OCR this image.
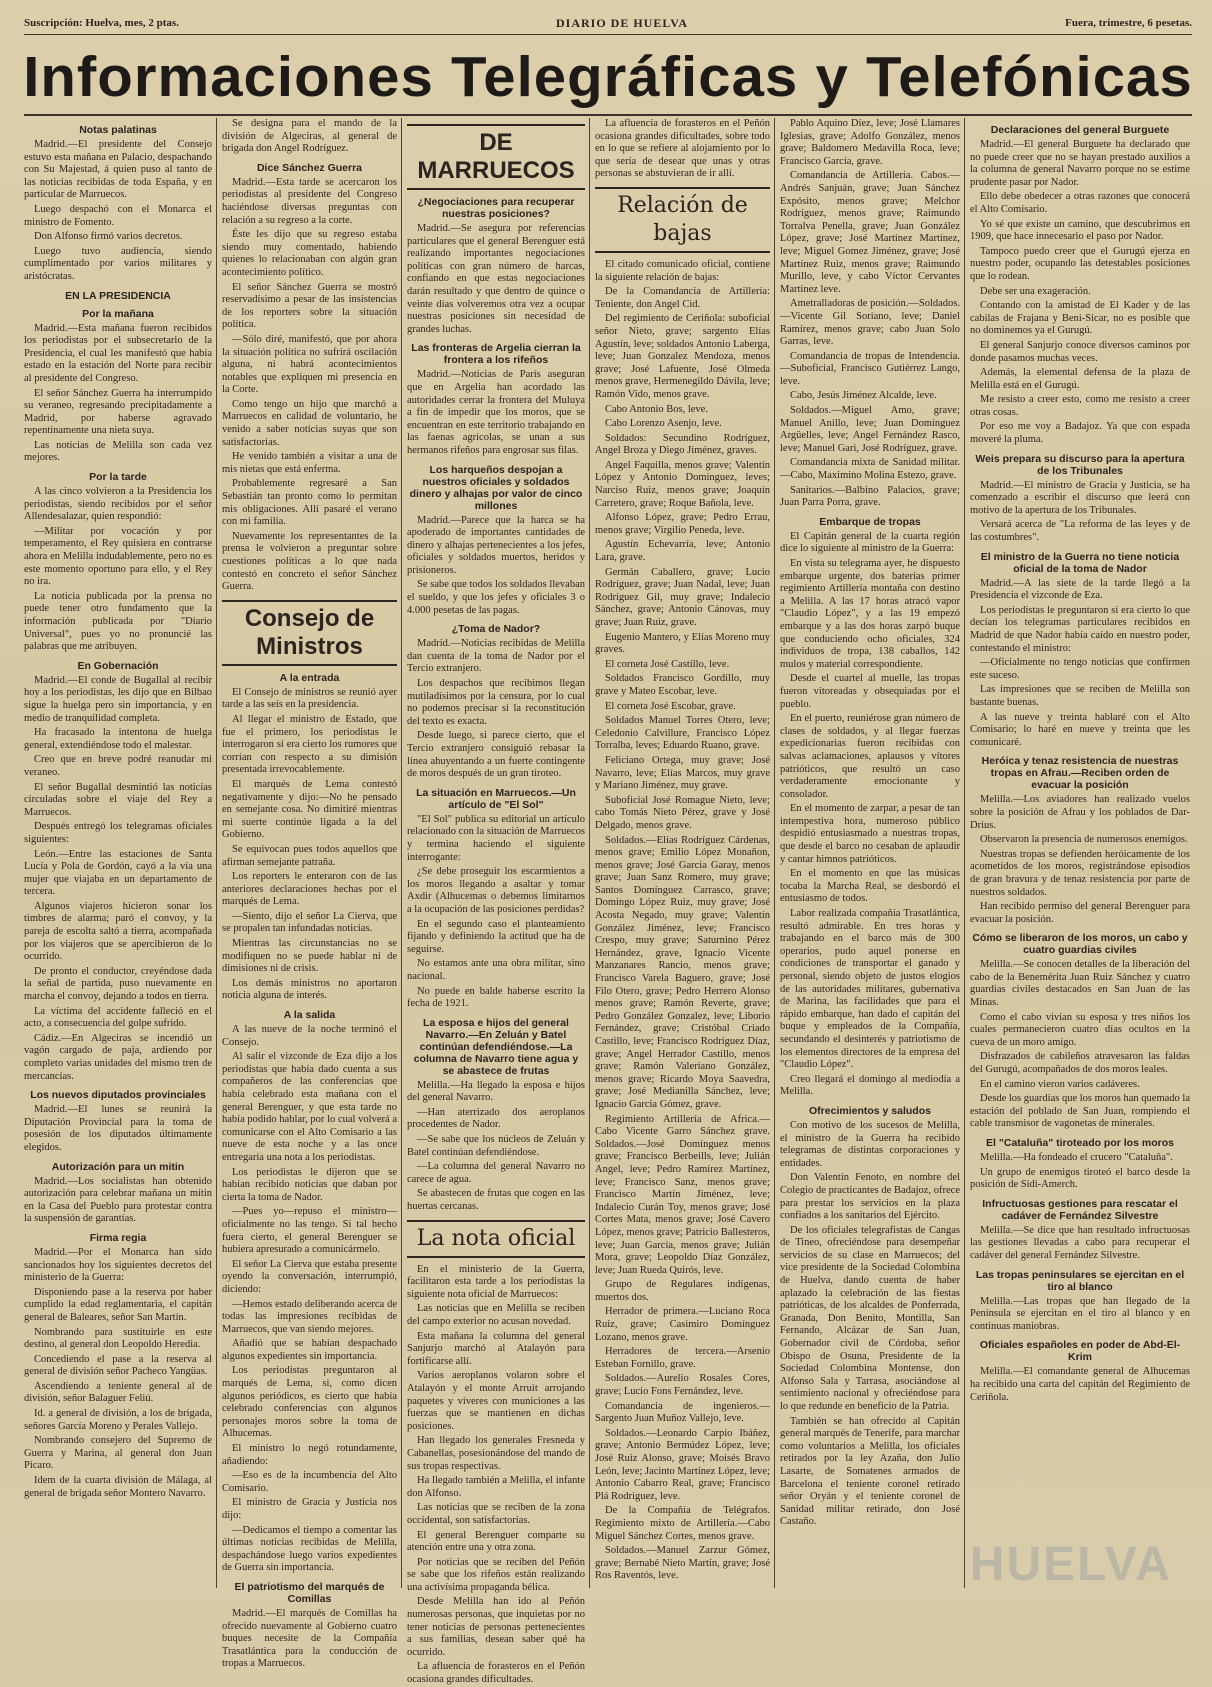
Suscripción: Huelva, mes, 2 ptas.	DIARIO DE HUELVA	Fuera, trimestre, 6 pesetas.
Informaciones Telegráficas y Telefónicas
Notas palatinas

Madrid.—El presidente del Consejo estuvo esta mañana en Palacio, despachando con Su Majestad, á quien puso al tanto de las noticias recibidas de toda España, y en particular de Marruecos.

Luego despachó con el Monarca el ministro de Fomento.

Don Alfonso firmó varios decretos.

Luego tuvo audiencia, siendo cumplimentado por varios militares y aristócratas.

EN LA PRESIDENCIA
Por la mañana

Madrid.—Esta mañana fueron recibidos los periodistas por el subsecretario de la Presidencia, el cual les manifestó que había estado en la estación del Norte para recibir al presidente del Congreso.

El señor Sánchez Guerra ha interrumpido su veraneo, regresando precipitadamente a Madrid, por haberse agravado repentinamente una nieta suya.

Las noticias de Melilla son cada vez mejores.

Por la tarde

A las cinco volvieron a la Presidencia los periodistas, siendo recibidos por el señor Allendesalazar, quien respondió:

—Militar por vocación y por temperamento, el Rey quisiera en contrarse ahora en Melilla indudablemente, pero no es este momento oportuno para ello, y el Rey no ira.

La noticia publicada por la prensa no puede tener otro fundamento que la información publicada por "Diario Universal", pues yo no pronuncié las palabras que me atribuyen.

En Gobernación

Madrid.—El conde de Bugallal al recibir hoy a los periodistas, les dijo que en Bilbao sigue la huelga pero sin importancia, y en medio de tranquilidad completa.

Ha fracasado la intentona de huelga general, extendiéndose todo el malestar.

Creo que en breve podré reanudar mi veraneo.

El señor Bugallal desmintió las noticias circuladas sobre el viaje del Rey a Marruecos.

Después entregó los telegramas oficiales siguientes:

León.—Entre las estaciones de Santa Lucía y Pola de Gordón, cayó a la vía una mujer que viajaba en un departamento de tercera.

Algunos viajeros hicieron sonar los timbres de alarma; paró el convoy, y la pareja de escolta saltó a tierra, acompañada por los viajeros que se apercibieron de lo ocurrido.

De pronto el conductor, creyéndose dada la señal de partida, puso nuevamente en marcha el convoy, dejando a todos en tierra.

La víctima del accidente falleció en el acto, a consecuencia del golpe sufrido.

Cádiz.—En Algeciras se incendió un vagón cargado de paja, ardiendo por completo varias unidades del mismo tren de mercancías.

Los nuevos diputados provinciales

Madrid.—El lunes se reunirá la Diputación Provincial para la toma de posesión de los diputados últimamente elegidos.

Autorización para un mitin

Madrid.—Los socialistas han obtenido autorización para celebrar mañana un mitin en la Casa del Pueblo para protestar contra la suspensión de garantías.

Firma regia

Madrid.—Por el Monarca han sido sancionados hoy los siguientes decretos del ministerio de la Guerra:

Disponiendo pase a la reserva por haber cumplido la edad reglamentaria, el capitán general de Baleares, señor San Martín.

Nombrando para sustituirle en este destino, al general don Leopoldo Heredia.

Concediendo el pase a la reserva al general de división señor Pacheco Yangüas.

Ascendiendo a teniente general al de división, señor Balaguer Feliú.

Id. a general de división, a los de brigada, señores García Moreno y Perales Vallejo.

Nombrando consejero del Supremo de Guerra y Marina, al general don Juan Picaro.

Idem de la cuarta división de Málaga, al general de brigada señor Montero Navarro.

Se designa para el mando de la división de Algeciras, al general de brigada don Angel Rodríguez.

Dice Sánchez Guerra

Madrid.—Esta tarde se acercaron los periodistas al presidente del Congreso haciéndose diversas preguntas con relación a su regreso a la corte.

Éste les dijo que su regreso estaba siendo muy comentado, habiendo quienes lo relacionaban con algún gran acontecimiento político.

El señor Sánchez Guerra se mostró reservadísimo a pesar de las insistencias de los reporters sobre la situación política.

—Sólo diré, manifestó, que por ahora la situación política no sufrirá oscilación alguna, ni habrá acontecimientos notables que expliquen mi presencia en la Corte.

Como tengo un hijo que marchó a Marruecos en calidad de voluntario, he venido a saber noticias suyas que son satisfactorias.

He venido también a visitar a una de mis nietas que está enferma.

Probablemente regresaré a San Sebastián tan pronto como lo permitan mis obligaciones. Allí pasaré el verano con mi familia.

Nuevamente los representantes de la prensa le volvieron a preguntar sobre cuestiones políticas a lo que nada contestó en concreto el señor Sánchez Guerra.

Consejo de Ministros
A la entrada

El Consejo de ministros se reunió ayer tarde a las seis en la presidencia.

Al llegar el ministro de Estado, que fue el primero, los periodistas le interrogaron si era cierto los rumores que corrían con respecto a su dimisión presentada irrevocablemente.

El marqués de Lema contestó negativamente y dijo:—No he pensado en semejante cosa. No dimitiré mientras mi suerte continúe ligada a la del Gobierno.

Se equivocan pues todos aquellos que afirman semejante patraña.

Los reporters le enteraron con de las anteriores declaraciones hechas por el marqués de Lema.

—Siento, dijo el señor La Cierva, que se propalen tan infundadas noticias.

Mientras las circunstancias no se modifiquen no se puede hablar ni de dimisiones ni de crisis.

Los demás ministros no aportaron noticia alguna de interés.

A la salida

A las nueve de la noche terminó el Consejo.

Al salir el vizconde de Eza dijo a los periodistas que había dado cuenta a sus compañeros de las conferencias que había celebrado esta mañana con el general Berenguer, y que esta tarde no había podido hablar, por lo cual volverá a comunicarse con el Alto Comisario a las nueve de esta noche y a las once entregaría una nota a los periodistas.

Los periodistas le dijeron que se habían recibido noticias que daban por cierta la toma de Nador.

—Pues yo—repuso el ministro—oficialmente no las tengo. Si tal hecho fuera cierto, el general Berenguer se hubiera apresurado a comunicármelo.

El señor La Cierva que estaba presente oyendo la conversación, interrumpió, diciendo:

—Hemos estado deliberando acerca de todas las impresiones recibidas de Marruecos, que van siendo mejores.

Añadió que se habían despachado algunos expedientes sin importancia.

Los periodistas preguntaron al marqués de Lema, si, como dicen algunos periódicos, es cierto que había celebrado conferencias con algunos personajes moros sobre la toma de Alhucemas.

El ministro lo negó rotundamente, añadiendo:

—Eso es de la incumbencia del Alto Comisario.

El ministro de Gracia y Justicia nos dijo:

—Dedicamos el tiempo a comentar las últimas noticias recibidas de Melilla, despachándose luego varios expedientes de Guerra sin importancia.

El patriotismo del marqués de Comillas

Madrid.—El marqués de Comillas ha ofrecido nuevamente al Gobierno cuatro buques necesite de la Compañía Trasatlántica para la conducción de tropas a Marruecos.

DE MARRUECOS
¿Negociaciones para recuperar nuestras posiciones?

Madrid.—Se asegura por referencias particulares que el general Berenguer está realizando importantes negociaciones políticas con gran número de harcas, confiando en que estas negociaciones darán resultado y que dentro de quince o veinte días volveremos otra vez a ocupar nuestras posiciones sin necesidad de grandes luchas.

Las fronteras de Argelia cierran la frontera a los rifeños

Madrid.—Noticias de París aseguran que en Argelia han acordado las autoridades cerrar la frontera del Muluya a fin de impedir que los moros, que se encuentran en este territorio trabajando en las faenas agrícolas, se unan a sus hermanos rifeños para engrosar sus filas.

Los harqueños despojan a nuestros oficiales y soldados dinero y alhajas por valor de cinco millones

Madrid.—Parece que la harca se ha apoderado de importantes cantidades de dinero y alhajas pertenecientes a los jefes, oficiales y soldados muertos, heridos y prisioneros.

Se sabe que todos los soldados llevaban el sueldo, y que los jefes y oficiales 3 o 4.000 pesetas de las pagas.

¿Toma de Nador?

Madrid.—Noticias recibidas de Melilla dan cuenta de la toma de Nador por el Tercio extranjero.

Los despachos que recibimos llegan mutiladísimos por la censura, por lo cual no podemos precisar si la reconstitución del texto es exacta.

Desde luego, si parece cierto, que el Tercio extranjero consiguió rebasar la línea ahuyentando a un fuerte contingente de moros después de un gran tiroteo.

La situación en Marruecos.—Un artículo de "El Sol"

"El Sol" publica su editorial un artículo relacionado con la situación de Marruecos y termina haciendo el siguiente interrogante:

¿Se debe proseguir los escarmientos a los moros llegando a asaltar y tomar Axdir (Alhucemas o debemos limitarnos a la ocupación de las posiciones perdidas?

En el segundo caso el planteamiento fijando y definiendo la actitud que ha de seguirse.

No estamos ante una obra militar, sino nacional.

No puede en balde haberse escrito la fecha de 1921.

La esposa e hijos del general Navarro.—En Zeluán y Batel continúan defendiéndose.—La columna de Navarro tiene agua y se abastece de frutas

Melilla.—Ha llegado la esposa e hijos del general Navarro.

—Han aterrizado dos aeroplanos procedentes de Nador.

—Se sabe que los núcleos de Zeluán y Batel continúan defendiéndose.

—La columna del general Navarro no carece de agua.

Se abastecen de frutas que cogen en las huertas cercanas.

La nota oficial

En el ministerio de la Guerra, facilitaron esta tarde a los periodistas la siguiente nota oficial de Marruecos:

Las noticias que en Melilla se reciben del campo exterior no acusan novedad.

Esta mañana la columna del general Sanjurjo marchó al Atalayón para fortificarse allí.

Varios aeroplanos volaron sobre el Atalayón y el monte Arruit arrojando paquetes y víveres con municiones a las fuerzas que se mantienen en dichas posiciones.

Han llegado los generales Fresneda y Cabanellas, posesionándose del mando de sus tropas respectivas.

Ha llegado también a Melilla, el infante don Alfonso.

Las noticias que se reciben de la zona occidental, son satisfactorias.

El general Berenguer comparte su atención entre una y otra zona.

Por noticias que se reciben del Peñón se sabe que los rifeños están realizando una activísima propaganda bélica.

Desde Melilla han ido al Peñón numerosas personas, que inquietas por no tener noticias de personas pertenecientes a sus familias, desean saber qué ha ocurrido.

La afluencia de forasteros en el Peñón ocasiona grandes dificultades.

La afluencia de forasteros en el Peñón ocasiona grandes dificultades, sobre todo en lo que se refiere al alojamiento por lo que sería de desear que unas y otras personas se abstuvieran de ir allí.

Relación de bajas

El citado comunicado oficial, contiene la siguiente relación de bajas:

De la Comandancia de Artillería: Teniente, don Angel Cid.

Del regimiento de Ceriñola: suboficial señor Nieto, grave; sargento Elías Agustín, leve; soldados Antonio Laberga, leve; Juan Gonzalez Mendoza, menos grave; José Lafuente, José Olmeda menos grave, Hermenegildo Dávila, leve; Ramón Vido, menos grave.

Cabo Antonio Bos, leve.

Cabo Lorenzo Asenjo, leve.

Soldados: Secundino Rodríguez, Angel Broza y Diego Jiménez, graves.

Angel Faquilla, menos grave; Valentín López y Antonio Domínguez, leves; Narciso Ruiz, menos grave; Joaquín Carretero, grave; Roque Bañola, leve.

Alfonso López, grave; Pedro Errau, menos grave; Virgilio Peneda, leve.

Agustín Echevarría, leve; Antonio Lara, grave.

Germán Caballero, grave; Lucio Rodríguez, grave; Juan Nadal, leve; Juan Rodríguez Gil, muy grave; Indalecio Sánchez, grave; Antonio Cánovas, muy grave; Juan Ruiz, grave.

Eugenio Mantero, y Elías Moreno muy graves.

El corneta José Castillo, leve.

Soldados Francisco Gordillo, muy grave y Mateo Escobar, leve.

El corneta José Escobar, grave.

Soldados Manuel Torres Otero, leve; Celedonio Calvillure, Francisco López Torralba, leves; Eduardo Ruano, grave.

Feliciano Ortega, muy grave; José Navarro, leve; Elías Marcos, muy grave y Mariano Jiménez, muy grave.

Suboficial José Romague Nieto, leve; cabo Tomás Nieto Pérez, grave y José Delgado, menos grave.

Soldados.—Elías Rodríguez Cárdenas, menos grave; Emilio López Monañon, menos grave; José García Garay, menos grave; Juan Sanz Romero, muy grave; Santos Domínguez Carrasco, grave; Domingo López Ruiz, muy grave; José Acosta Negado, muy grave; Valentín González Jiménez, leve; Francisco Crespo, muy grave; Saturnino Pérez Hernández, grave, Ignacio Vicente Manzanares Rancio, menos grave; Francisco Varela Baguero, grave; José Filo Otero, grave; Pedro Herrero Alonso menos grave; Ramón Reverte, grave; Pedro González Gonzalez, leve; Liborio Fernández, grave; Cristóbal Criado Castillo, leve; Francisco Rodríguez Díaz, grave; Angel Herrador Castillo, menos grave; Ramón Valeriano González, menos grave; Ricardo Moya Saavedra, grave; José Medianilla Sánchez, leve; Ignacio Garcia Gómez, grave.

Regimiento Artillería de Africa.—Cabo Vicente Garro Sánchez grave. Soldados.—José Domínguez menos grave; Francisco Berbeills, leve; Julián Angel, leve; Pedro Ramírez Martínez, leve; Francisco Sanz, menos grave; Francisco Martín Jiménez, leve; Indalecio Curán Toy, menos grave; José Cortes Mata, menos grave; José Cavero López, menos grave; Patricio Ballesteros, leve; Juan García, menos grave; Julián Mora, grave; Leopoldo Díaz González, leve; Juan Rueda Quirós, leve.

Grupo de Regulares indígenas, muertos dos.

Herrador de primera.—Luciano Roca Ruiz, grave; Casimiro Domínguez Lozano, menos grave.

Herradores de tercera.—Arsenio Esteban Fornillo, grave.

Soldados.—Aurelio Rosales Cores, grave; Lucio Fons Fernández, leve.

Comandancia de ingenieros.—Sargento Juan Muñoz Vallejo, leve.

Soldados.—Leonardo Carpio Ibáñez, grave; Antonio Bermúdez López, leve; José Ruiz Alonso, grave; Moisés Bravo León, leve; Jacinto Martínez López, leve; Antonio Cabarro Real, grave; Francisco Plá Rodríguez, leve.

De la Compañía de Telégrafos. Regimiento mixto de Artillería.—Cabo Miguel Sánchez Cortes, menos grave.

Soldados.—Manuel Zarzur Gómez, grave; Bernabé Nieto Martín, grave; José Ros Raventós, leve.

Pablo Aquino Díez, leve; José Llamares Iglesias, grave; Adolfo González, menos grave; Baldomero Medavilla Roca, leve; Francisco García, grave.

Comandancia de Artillería. Cabos.—Andrés Sanjuán, grave; Juan Sánchez Expósito, menos grave; Melchor Rodríguez, menos grave; Raimundo Torralva Penella, grave; Juan González López, grave; José Martínez Martínez, leve; Miguel Gomez Jiménez, grave; José Martínez Ruiz, menos grave; Raimundo Murillo, leve, y cabo Víctor Cervantes Martínez leve.

Ametralladoras de posición.—Soldados.—Vicente Gil Soriano, leve; Daniel Ramírez, menos grave; cabo Juan Solo Garras, leve.

Comandancia de tropas de Intendencia.—Suboficial, Francisco Gutiérrez Lango, leve.

Cabo, Jesús Jiménez Alcalde, leve.

Soldados.—Miguel Amo, grave; Manuel Anillo, leve; Juan Domínguez Argüelles, leve; Angel Fernández Rasco, leve; Manuel Gari, José Rodríguez, grave.

Comandancia mixta de Sanidad militar.—Cabo, Maximino Molina Estezo, grave.

Sanitarios.—Balbino Palacios, grave; Juan Parra Porra, grave.

Embarque de tropas

El Capitán general de la cuarta región dice lo siguiente al ministro de la Guerra:

En vista su telegrama ayer, he dispuesto embarque urgente, dos baterías primer regimiento Artillería montaña con destino a Melilla. A las 17 horas atracó vapor "Claudio López", y a las 19 empezó embarque y a las dos horas zarpó buque que conduciendo ocho oficiales, 324 individuos de tropa, 138 caballos, 142 mulos y material correspondiente.

Desde el cuartel al muelle, las tropas fueron vitoreadas y obsequiadas por el pueblo.

En el puerto, reuniérose gran número de clases de soldados, y al llegar fuerzas expedicionarias fueron recibidas con salvas aclamaciones, aplausos y vítores patrióticos, que resultó un caso verdaderamente emocionante y consolador.

En el momento de zarpar, a pesar de tan intempestiva hora, numeroso público despidió entusiasmado a nuestras tropas, que desde el barco no cesaban de aplaudir y cantar himnos patrióticos.

En el momento en que las músicas tocaba la Marcha Real, se desbordó el entusiasmo de todos.

Labor realizada compañía Trasatlántica, resultó admirable. En tres horas y trabajando en el barco más de 300 operarios, pudo aquel ponerse en condiciones de transportar el ganado y personal, siendo objeto de justos elogios de las autoridades militares, gubernativa de Marina, las facilidades que para el rápido embarque, han dado el capitán del buque y empleados de la Compañía, secundando el desinterés y patriotismo de los elementos directores de la empresa del "Claudio López".

Creo llegará el domingo al mediodía a Melilla.

Ofrecimientos y saludos

Con motivo de los sucesos de Melilla, el ministro de la Guerra ha recibido telegramas de distintas corporaciones y entidades.

Don Valentín Fenoto, en nombre del Colegio de practicantes de Badajoz, ofrece para prestar los servicios en la plaza confiados a los sanitarios del Ejército.

De los oficiales telegrafistas de Cangas de Tineo, ofreciéndose para desempeñar servicios de su clase en Marruecos; del vice presidente de la Sociedad Colombina de Huelva, dando cuenta de haber aplazado la celebración de las fiestas patrióticas, de los alcaldes de Ponferrada, Granada, Don Benito, Montilla, San Fernando, Alcázar de San Juan, Gobernador civil de Córdoba, señor Obispo de Osuna, Presidente de la Sociedad Colombina Montense, don Alfonso Sala y Tarrasa, asociándose al sentimiento nacional y ofreciéndose para lo que redunde en beneficio de la Patria.

También se han ofrecido al Capitán general marqués de Tenerife, para marchar como voluntarios a Melilla, los oficiales retirados por la ley Azaña, don Julio Lasarte, de Somatenes armados de Barcelona el teniente coronel retirado señor Oryán y el teniente coronel de Sanidad militar retirado, don José Castaño.

Declaraciones del general Burguete

Madrid.—El general Burguete ha declarado que no puede creer que no se hayan prestado auxilios a la columna de general Navarro porque no se estime prudente pasar por Nador.

Ello debe obedecer a otras razones que conocerá el Alto Comisario.

Yo sé que existe un camino, que descubrimos en 1909, que hace innecesario el paso por Nador.

Tampoco puedo creer que el Gurugú ejerza en nuestro poder, ocupando las detestables posiciones que lo rodean.

Debe ser una exageración.

Contando con la amistad de El Kader y de las cabilas de Frajana y Beni-Sicar, no es posible que no dominemos ya el Gurugú.

El general Sanjurjo conoce diversos caminos por donde pasamos muchas veces.

Además, la elemental defensa de la plaza de Melilla está en el Gurugú.

Me resisto a creer esto, como me resisto a creer otras cosas.

Por eso me voy a Badajoz. Ya que con espada moveré la pluma.

Weis prepara su discurso para la apertura de los Tribunales

Madrid.—El ministro de Gracia y Justicia, se ha comenzado a escribir el discurso que leerá con motivo de la apertura de los Tribunales.

Versará acerca de "La reforma de las leyes y de las costumbres".

El ministro de la Guerra no tiene noticia oficial de la toma de Nador

Madrid.—A las siete de la tarde llegó a la Presidencia el vizconde de Eza.

Los periodistas le preguntaron si era cierto lo que decían los telegramas particulares recibidos en Madrid de que Nador había caído en nuestro poder, contestando el ministro:

—Oficialmente no tengo noticias que confirmen este suceso.

Las impresiones que se reciben de Melilla son bastante buenas.

A las nueve y treinta hablaré con el Alto Comisario; lo haré en nueve y treinta que les comunicaré.

Heróica y tenaz resistencia de nuestras tropas en Afrau.—Reciben orden de evacuar la posición

Melilla.—Los aviadores han realizado vuelos sobre la posición de Afrau y los poblados de Dar-Drius.

Observaron la presencia de numerosos enemigos.

Nuestras tropas se defienden heróicamente de los acometidos de los moros, registrándose episodios de gran bravura y de tenaz resistencia por parte de nuestros soldados.

Han recibido permiso del general Berenguer para evacuar la posición.

Cómo se liberaron de los moros, un cabo y cuatro guardias civiles

Melilla.—Se conocen detalles de la liberación del cabo de la Benemérita Juan Ruiz Sánchez y cuatro guardias civiles destacados en San Juan de las Minas.

Como el cabo vivían su esposa y tres niños los cuales permanecieron cuatro días ocultos en la cueva de un moro amigo.

Disfrazados de cabileños atravesaron las faldas del Gurugú, acompañados de dos moros leales.

En el camino vieron varios cadáveres.

Desde los guardias que los moros han quemado la estación del poblado de San Juan, rompiendo el cable transmisor de vagonetas de minerales.

El "Cataluña" tiroteado por los moros

Melilla.—Ha fondeado el crucero "Cataluña".

Un grupo de enemigos tiroteó el barco desde la posición de Sidi-Amerch.

Infructuosas gestiones para rescatar el cadáver de Fernández Silvestre

Melilla.—Se dice que han resultado infructuosas las gestiones llevadas a cabo para recuperar el cadáver del general Fernández Silvestre.

Las tropas peninsulares se ejercitan en el tiro al blanco

Melilla.—Las tropas que han llegado de la Península se ejercitan en el tiro al blanco y en continuas maniobras.

Oficiales españoles en poder de Abd-El-Krim

Melilla.—El comandante general de Alhucemas ha recibido una carta del capitán del Regimiento de Ceriñola.

HUELVA
